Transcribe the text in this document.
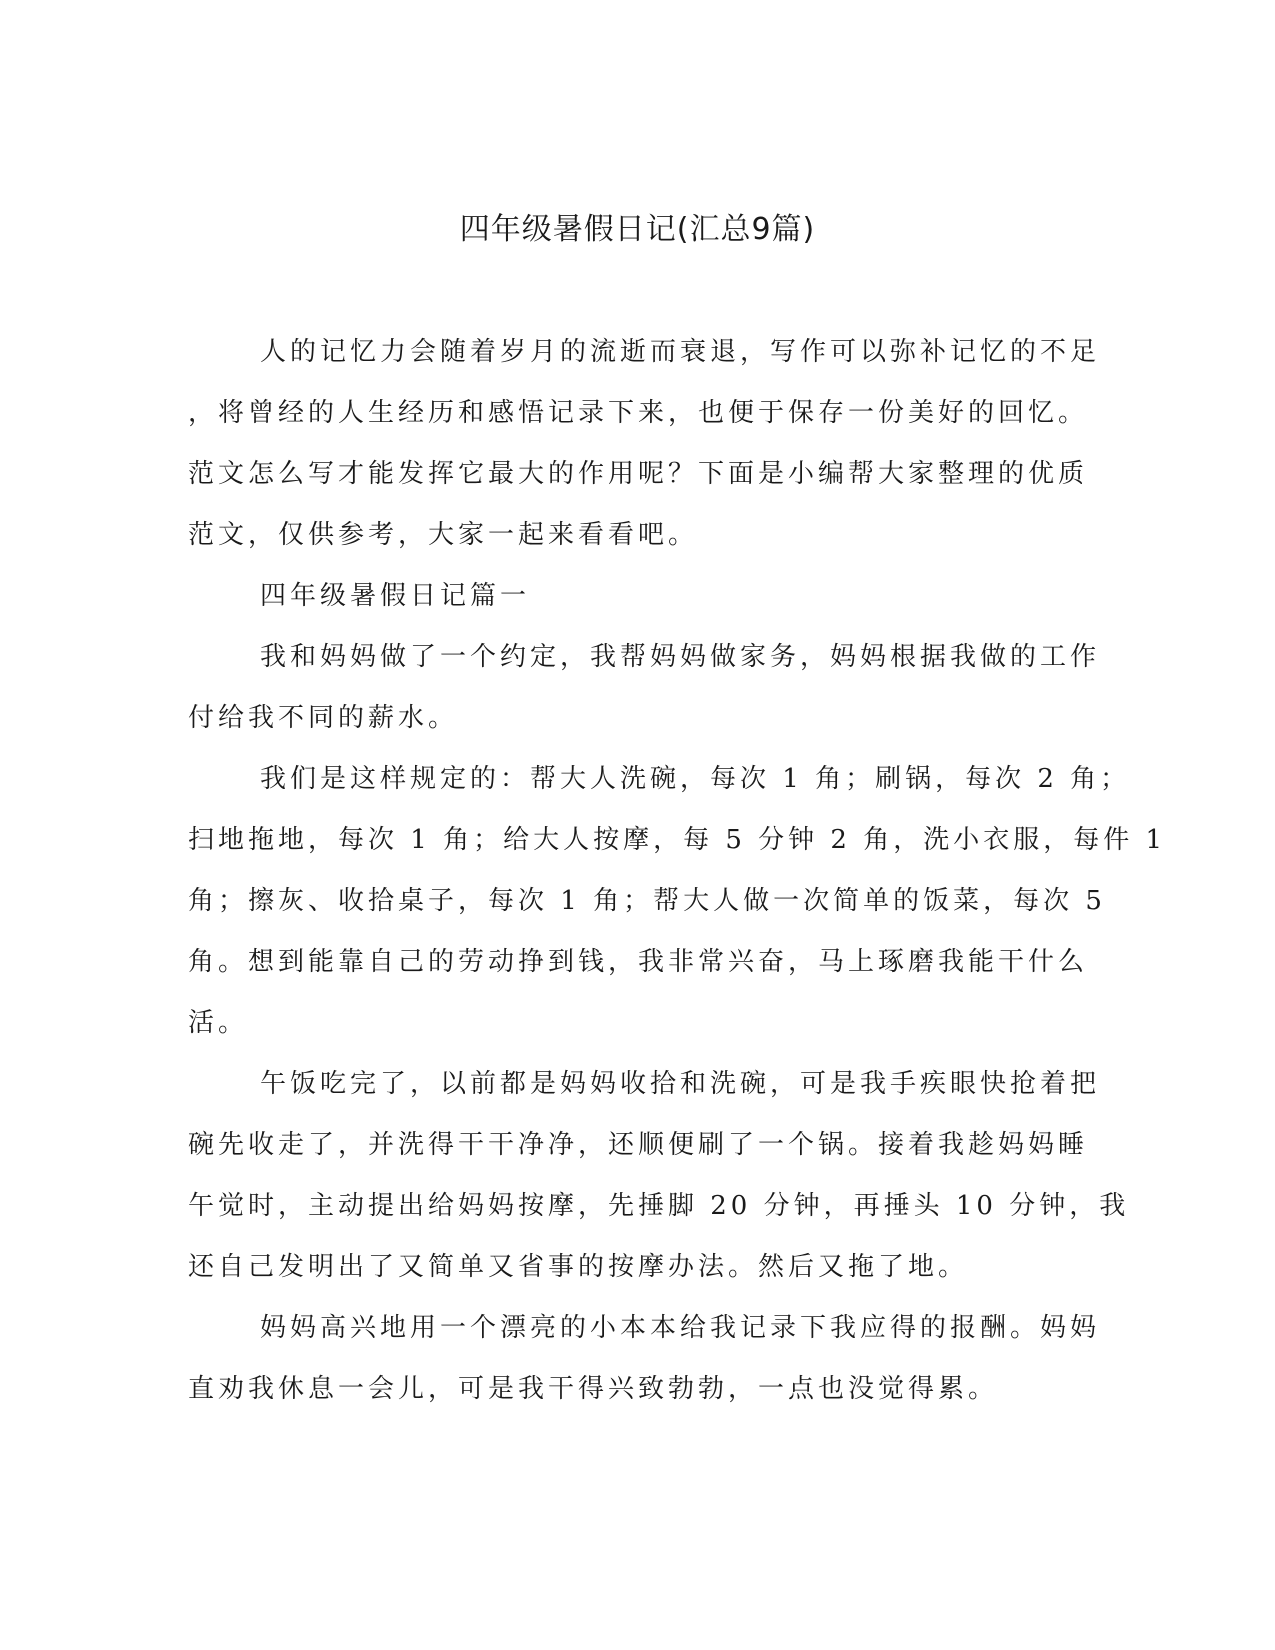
四年级暑假日记(汇总9篇)

人的记忆力会随着岁月的流逝而衰退，写作可以弥补记忆的不足
，将曾经的人生经历和感悟记录下来，也便于保存一份美好的回忆。
范文怎么写才能发挥它最大的作用呢？下面是小编帮大家整理的优质
范文，仅供参考，大家一起来看看吧。

四年级暑假日记篇一

我和妈妈做了一个约定，我帮妈妈做家务，妈妈根据我做的工作
付给我不同的薪水。

我们是这样规定的：帮大人洗碗，每次 1 角；刷锅，每次 2 角；
扫地拖地，每次 1 角；给大人按摩，每 5 分钟 2 角，洗小衣服，每件 1
角；擦灰、收拾桌子，每次 1 角；帮大人做一次简单的饭菜，每次 5
角。想到能靠自己的劳动挣到钱，我非常兴奋，马上琢磨我能干什么
活。

午饭吃完了，以前都是妈妈收拾和洗碗，可是我手疾眼快抢着把
碗先收走了，并洗得干干净净，还顺便刷了一个锅。接着我趁妈妈睡
午觉时，主动提出给妈妈按摩，先捶脚 20 分钟，再捶头 10 分钟，我
还自己发明出了又简单又省事的按摩办法。然后又拖了地。

妈妈高兴地用一个漂亮的小本本给我记录下我应得的报酬。妈妈
直劝我休息一会儿，可是我干得兴致勃勃，一点也没觉得累。
